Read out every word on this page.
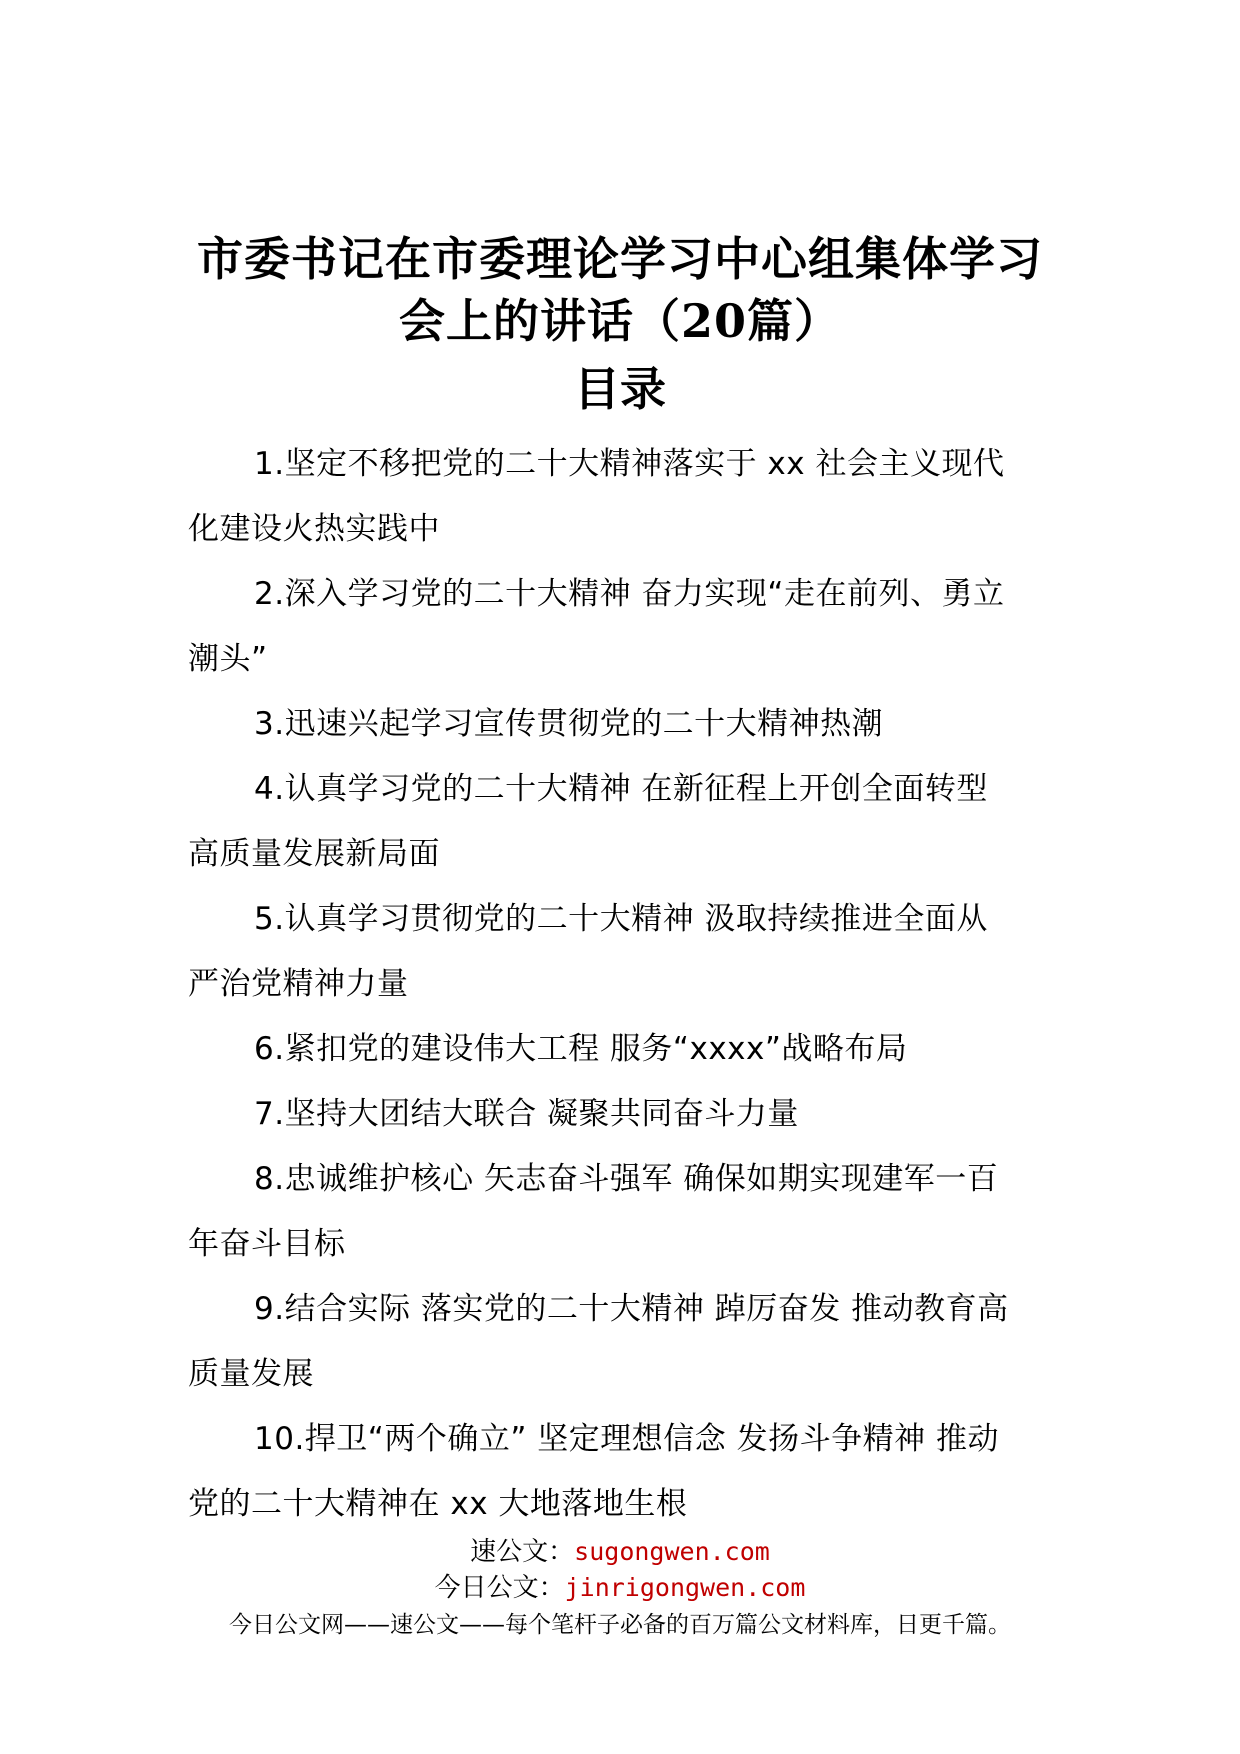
市委书记在市委理论学习中心组集体学习
会上的讲话（20篇）
目录
1.坚定不移把党的二十大精神落实于 xx 社会主义现代
化建设火热实践中
2.深入学习党的二十大精神 奋力实现“走在前列、勇立
潮头”
3.迅速兴起学习宣传贯彻党的二十大精神热潮
4.认真学习党的二十大精神 在新征程上开创全面转型
高质量发展新局面
5.认真学习贯彻党的二十大精神 汲取持续推进全面从
严治党精神力量
6.紧扣党的建设伟大工程 服务“xxxx”战略布局
7.坚持大团结大联合 凝聚共同奋斗力量
8.忠诚维护核心 矢志奋斗强军 确保如期实现建军一百
年奋斗目标
9.结合实际 落实党的二十大精神 踔厉奋发 推动教育高
质量发展
10.捍卫“两个确立” 坚定理想信念 发扬斗争精神 推动
党的二十大精神在 xx 大地落地生根
速公文：sugongwen.com
今日公文：jinrigongwen.com
今日公文网——速公文——每个笔杆子必备的百万篇公文材料库，日更千篇。
